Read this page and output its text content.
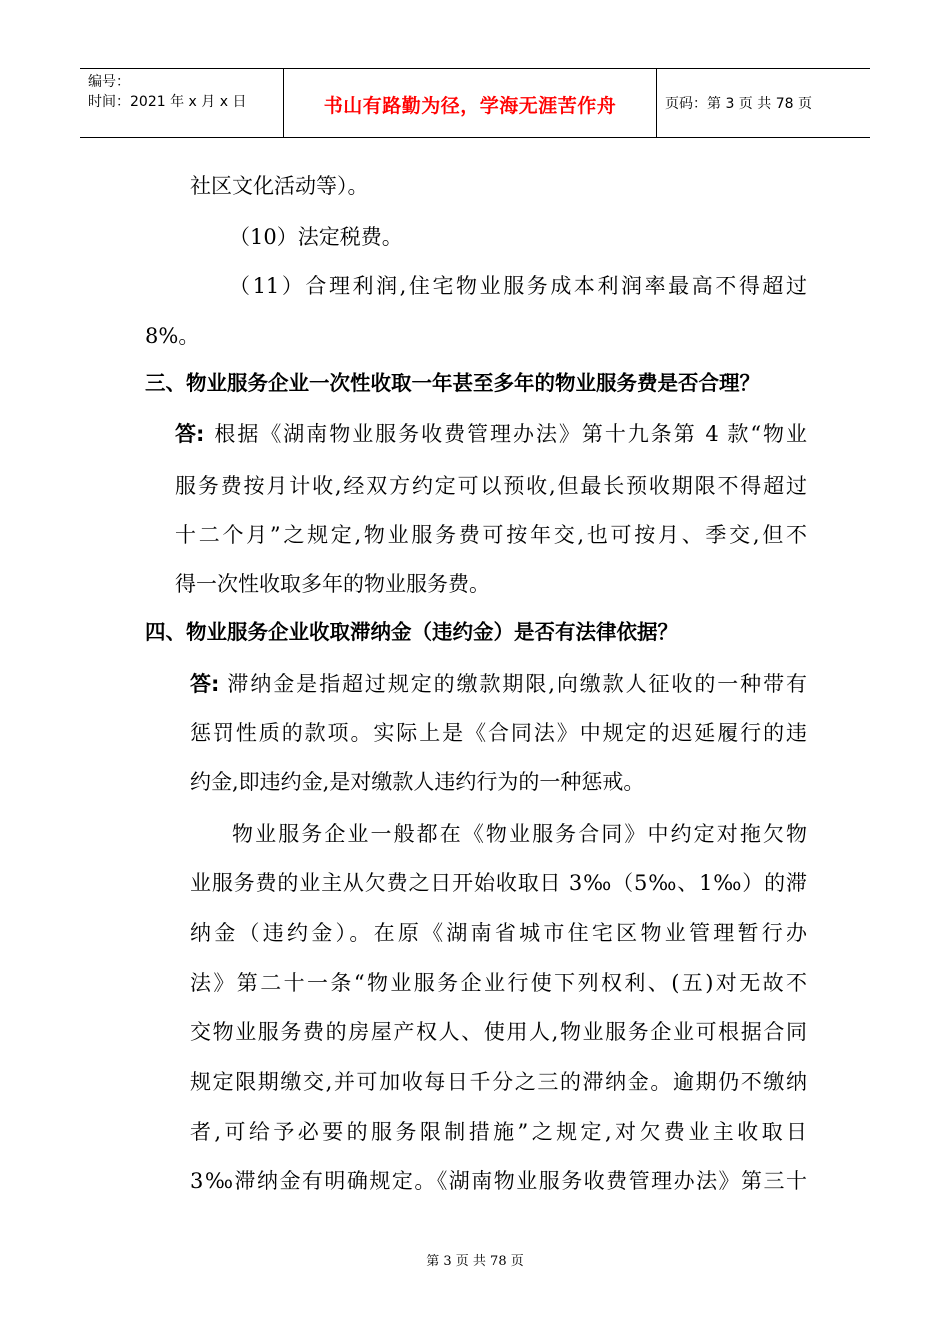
编号：
时间：2021 年 x 月 x 日	书山有路勤为径，学海无涯苦作舟	页码：第 3 页 共 78 页
社区文化活动等）。
（10）法定税费。
（11）合理利润,住宅物业服务成本利润率最高不得超过
8%。
三、物业服务企业一次性收取一年甚至多年的物业服务费是否合理？
答: 根据《湖南物业服务收费管理办法》第十九条第 4 款“物业
服务费按月计收,经双方约定可以预收,但最长预收期限不得超过
十二个月”之规定,物业服务费可按年交,也可按月、季交,但不
得一次性收取多年的物业服务费。
四、物业服务企业收取滞纳金（违约金）是否有法律依据？
答: 滞纳金是指超过规定的缴款期限,向缴款人征收的一种带有
惩罚性质的款项。实际上是《合同法》中规定的迟延履行的违
约金,即违约金,是对缴款人违约行为的一种惩戒。
物业服务企业一般都在《物业服务合同》中约定对拖欠物
业服务费的业主从欠费之日开始收取日 3‰（5‰、1‰）的滞
纳金（违约金）。在原《湖南省城市住宅区物业管理暂行办
法》第二十一条“物业服务企业行使下列权利、(五)对无故不
交物业服务费的房屋产权人、使用人,物业服务企业可根据合同
规定限期缴交,并可加收每日千分之三的滞纳金。逾期仍不缴纳
者,可给予必要的服务限制措施”之规定,对欠费业主收取日
3‰滞纳金有明确规定。《湖南物业服务收费管理办法》第三十
第 3 页 共 78 页
